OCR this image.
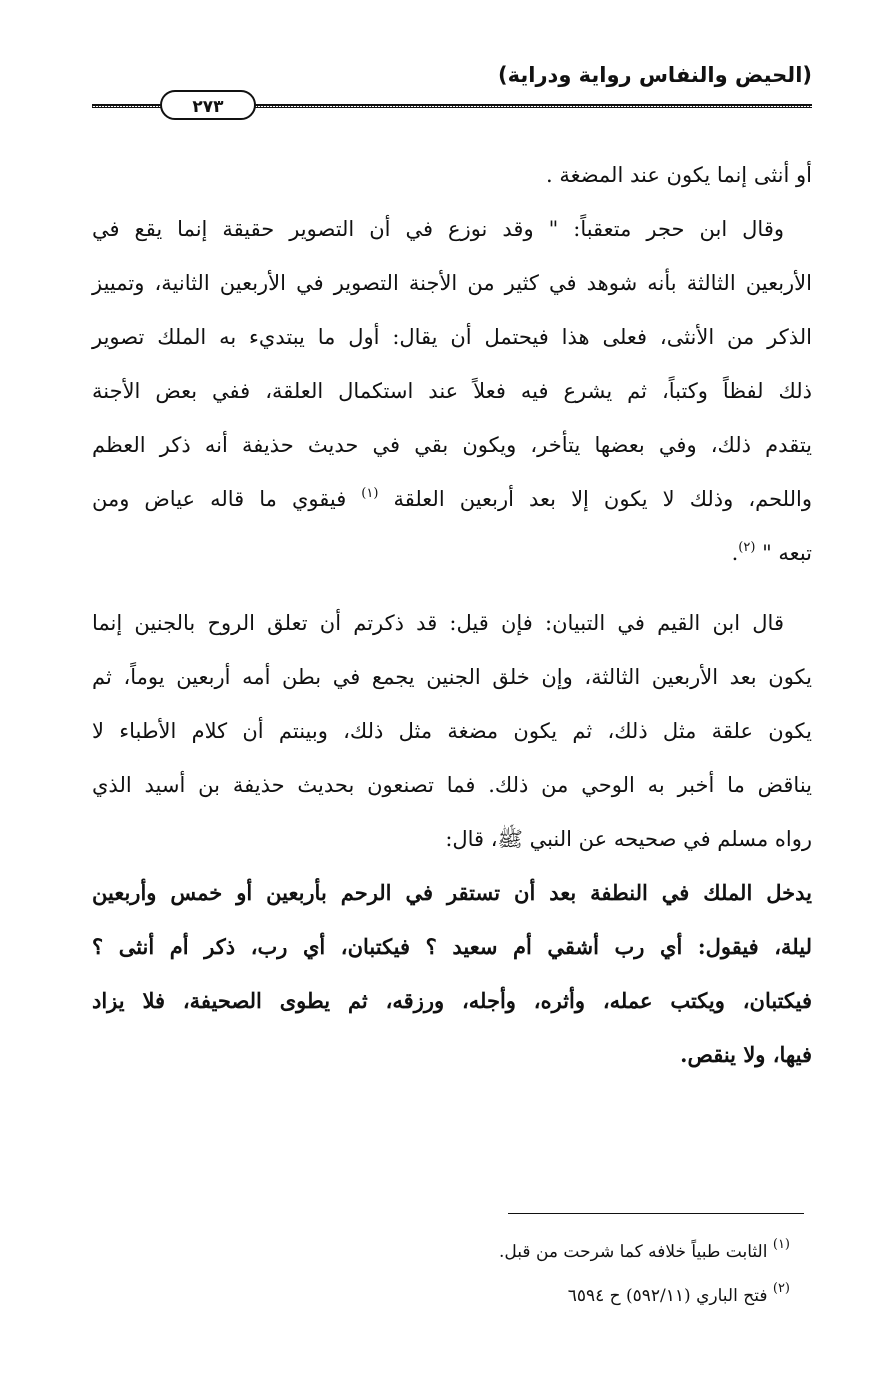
(الحيض والنفاس رواية ودراية)
٢٧٣
أو أنثى إنما يكون عند المضغة .
وقال ابن حجر متعقباً: " وقد نوزع في أن التصوير حقيقة إنما يقع في
الأربعين الثالثة بأنه شوهد في كثير من الأجنة التصوير في الأربعين الثانية، وتمييز
الذكر من الأنثى، فعلى هذا فيحتمل أن يقال: أول ما يبتديء به الملك تصوير
ذلك لفظاً وكتباً، ثم يشرع فيه فعلاً عند استكمال العلقة، ففي بعض الأجنة
يتقدم ذلك، وفي بعضها يتأخر، ويكون بقي في حديث حذيفة أنه ذكر العظم
واللحم، وذلك لا يكون إلا بعد أربعين العلقة $^{(١)}$ فيقوي ما قاله عياض ومن
تبعه " $^{(٢)}$.
قال ابن القيم في التبيان: فإن قيل: قد ذكرتم أن تعلق الروح بالجنين إنما
يكون بعد الأربعين الثالثة، وإن خلق الجنين يجمع في بطن أمه أربعين يوماً، ثم
يكون علقة مثل ذلك، ثم يكون مضغة مثل ذلك، وبينتم أن كلام الأطباء لا
يناقض ما أخبر به الوحي من ذلك. فما تصنعون بحديث حذيفة بن أسيد الذي
رواه مسلم في صحيحه عن النبي ﷺ، قال:
يدخل الملك في النطفة بعد أن تستقر في الرحم بأربعين أو خمس وأربعين
ليلة، فيقول: أي رب أشقي أم سعيد ؟ فيكتبان، أي رب، ذكر أم أنثى ؟
فيكتبان، ويكتب عمله، وأثره، وأجله، ورزقه، ثم يطوى الصحيفة، فلا يزاد
فيها، ولا ينقص.
$^{(١)}$ الثابت طبياً خلافه كما شرحت من قبل.
$^{(٢)}$ فتح الباري (٥٩٢/١١) ح ٦٥٩٤
